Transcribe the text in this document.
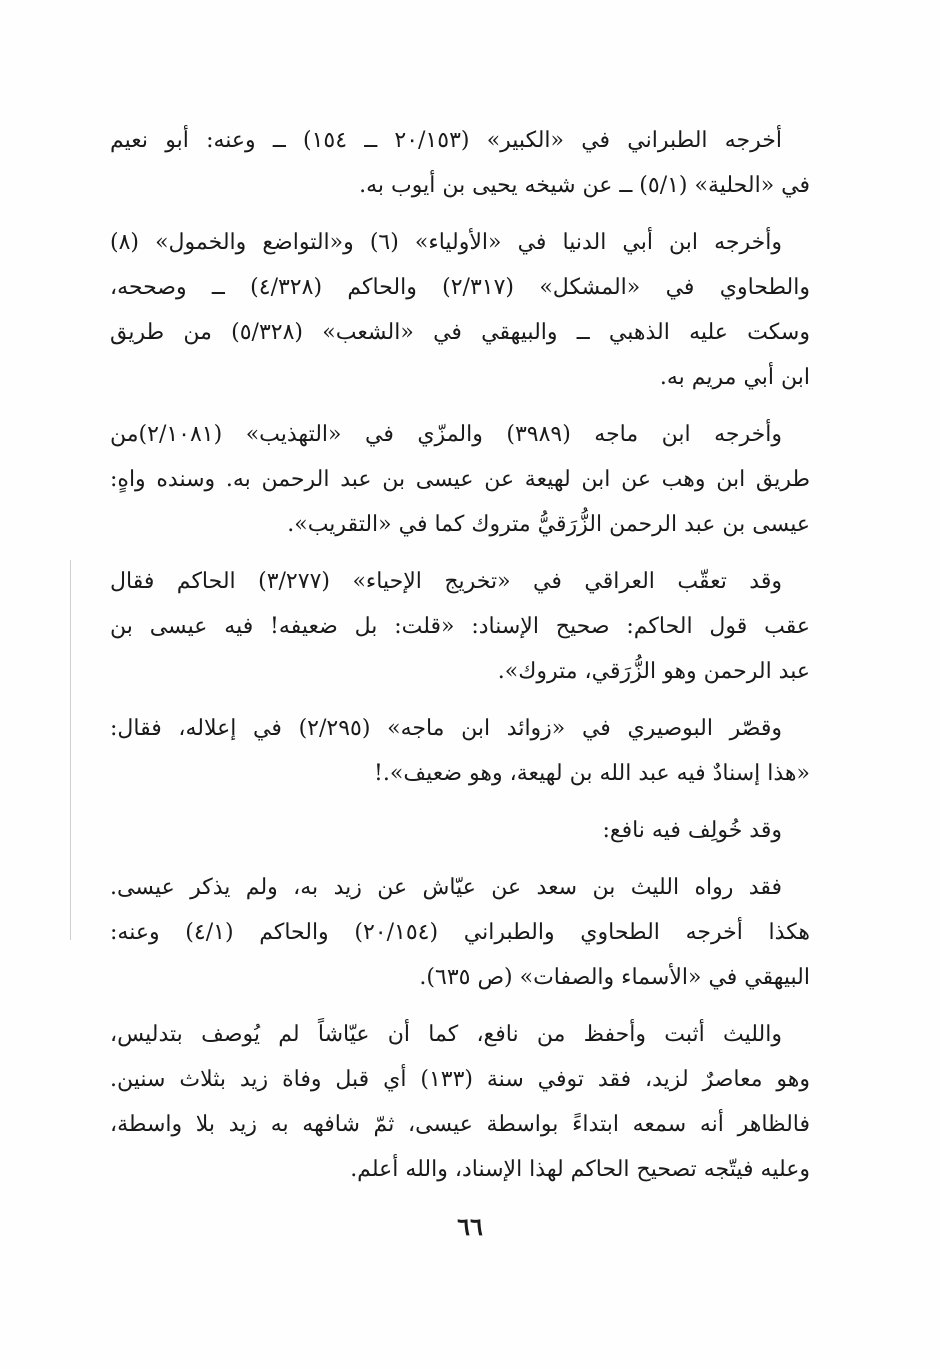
أخرجه الطبراني في «الكبير» (٢٠/١٥٣ ــ ١٥٤) ــ وعنه: أبو نعيم
في «الحلية» (٥/١) ــ عن شيخه يحيى بن أيوب به.

وأخرجه ابن أبي الدنيا في «الأولياء» (٦) و«التواضع والخمول» (٨)
والطحاوي في «المشكل» (٢/٣١٧) والحاكم (٤/٣٢٨) ــ وصححه،
وسكت عليه الذهبي ــ والبيهقي في «الشعب» (٥/٣٢٨) من طريق
ابن أبي مريم به.

وأخرجه ابن ماجه (٣٩٨٩) والمزّي في «التهذيب» (٢/١٠٨١)من
طريق ابن وهب عن ابن لهيعة عن عيسى بن عبد الرحمن به. وسنده واهٍ:
عيسى بن عبد الرحمن الزُّرَقيُّ متروك كما في «التقريب».

وقد تعقّب العراقي في «تخريج الإحياء» (٣/٢٧٧) الحاكم فقال
عقب قول الحاكم: صحيح الإسناد: «قلت: بل ضعيفه! فيه عيسى بن
عبد الرحمن وهو الزُّرَقي، متروك».

وقصّر البوصيري في «زوائد ابن ماجه» (٢/٢٩٥) في إعلاله، فقال:
«هذا إسنادٌ فيه عبد الله بن لهيعة، وهو ضعيف».!

وقد خُولِف فيه نافع:

فقد رواه الليث بن سعد عن عيّاش عن زيد به، ولم يذكر عيسى.
هكذا أخرجه الطحاوي والطبراني (٢٠/١٥٤) والحاكم (٤/١) وعنه:
البيهقي في «الأسماء والصفات» (ص ٦٣٥).

والليث أثبت وأحفظ من نافع، كما أن عيّاشاً لم يُوصف بتدليس،
وهو معاصرٌ لزيد، فقد توفي سنة (١٣٣) أي قبل وفاة زيد بثلاث سنين.
فالظاهر أنه سمعه ابتداءً بواسطة عيسى، ثمّ شافهه به زيد بلا واسطة،
وعليه فيتّجه تصحيح الحاكم لهذا الإسناد، والله أعلم.

٦٦
